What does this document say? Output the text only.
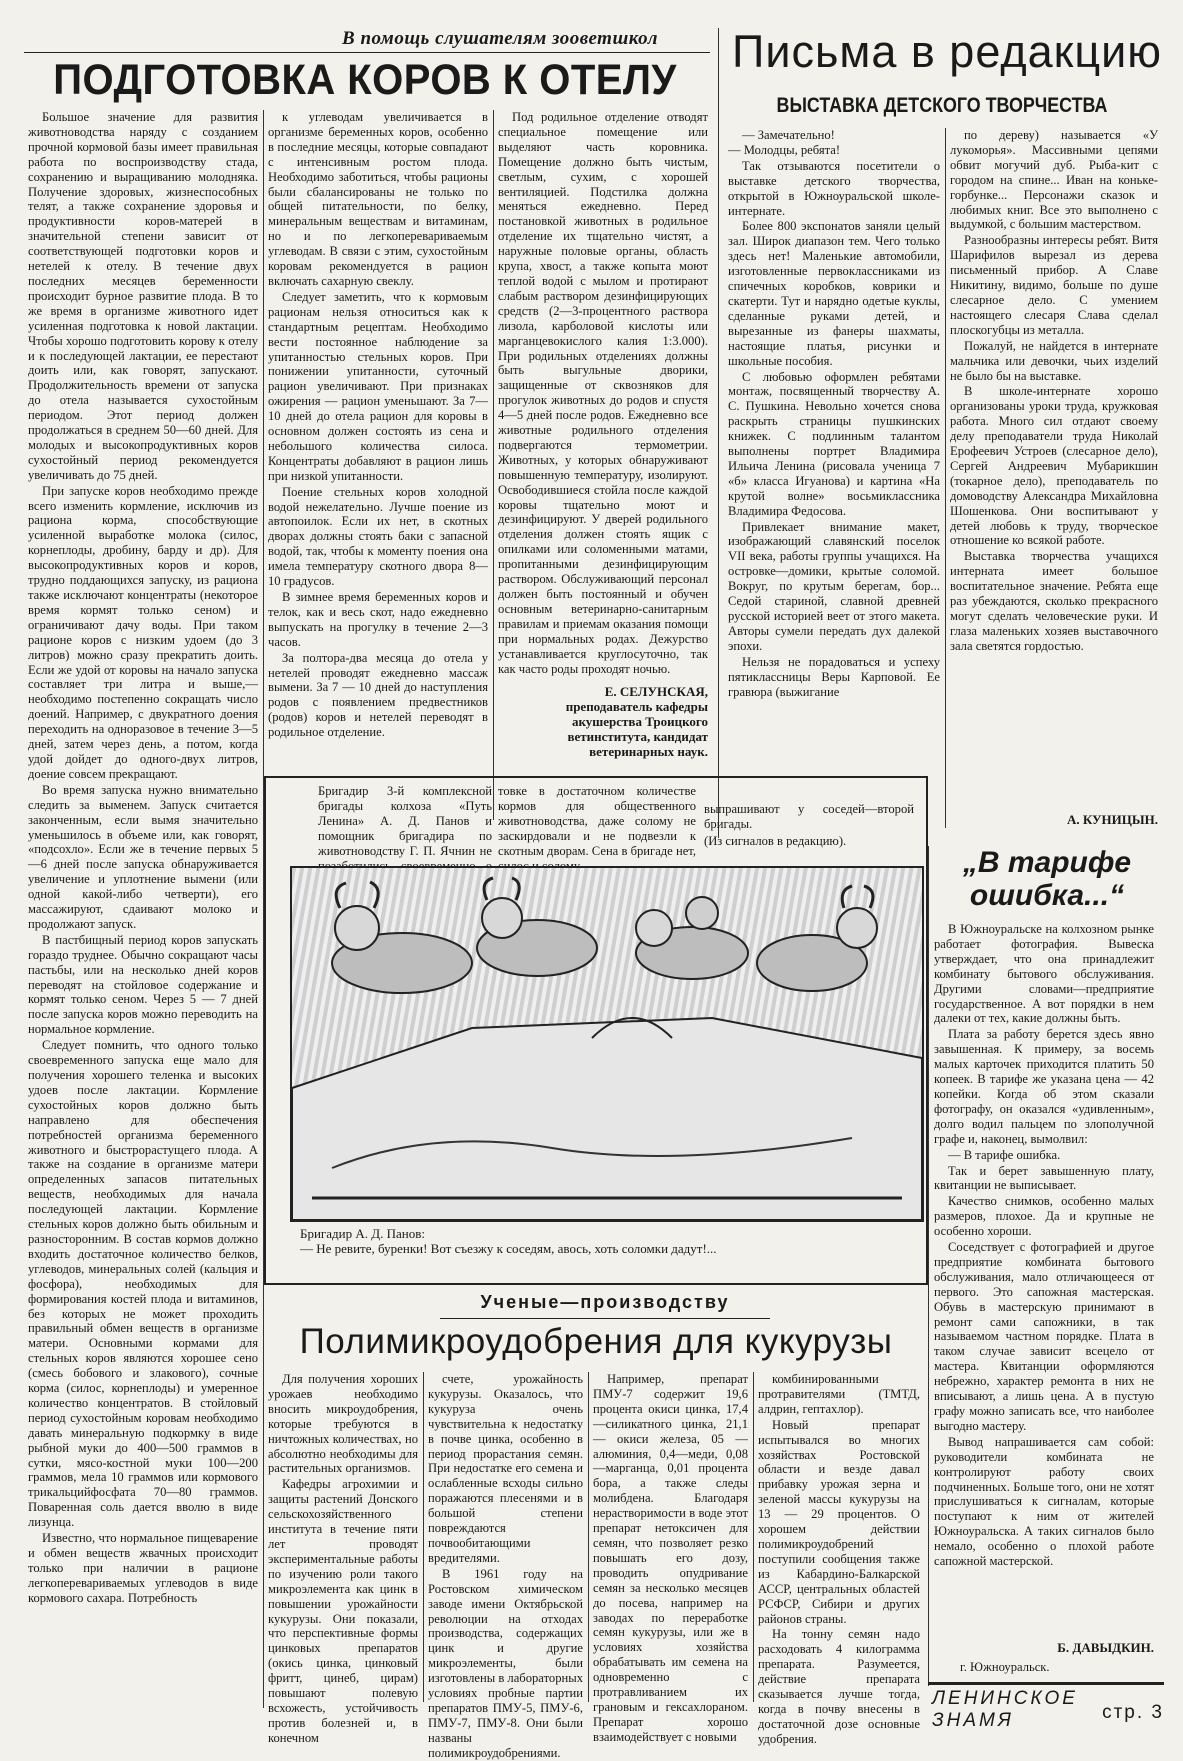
В помощь слушателям зооветшкол
ПОДГОТОВКА КОРОВ К ОТЕЛУ

Большое значение для развития животноводства наряду с созданием прочной кормовой базы имеет правильная работа по воспроизводству стада, сохранению и выращиванию молодняка. Получение здоровых, жизнеспособных телят, а также сохранение здоровья и продуктивности коров-матерей в значительной степени зависит от соответствующей подготовки коров и нетелей к отелу. В течение двух последних месяцев беременности происходит бурное развитие плода. В то же время в организме животного идет усиленная подготовка к новой лактации. Чтобы хорошо подготовить корову к отелу и к последующей лактации, ее перестают доить или, как говорят, запускают. Продолжительность времени от запуска до отела называется сухостойным периодом. Этот период должен продолжаться в среднем 50—60 дней. Для молодых и высокопродуктивных коров сухостойный период рекомендуется увеличивать до 75 дней.

При запуске коров необходимо прежде всего изменить кормление, исключив из рациона корма, способствующие усиленной выработке молока (силос, корнеплоды, дробину, барду и др). Для высокопродуктивных коров и коров, трудно поддающихся запуску, из рациона также исключают концентраты (некоторое время кормят только сеном) и ограничивают дачу воды. При таком рационе коров с низким удоем (до 3 литров) можно сразу прекратить доить. Если же удой от коровы на начало запуска составляет три литра и выше,—необходимо постепенно сокращать число доений. Например, с двукратного доения переходить на одноразовое в течение 3—5 дней, затем через день, а потом, когда удой дойдет до одного-двух литров, доение совсем прекращают.

Во время запуска нужно внимательно следить за выменем. Запуск считается законченным, если вымя значительно уменьшилось в объеме или, как говорят, «подсохло». Если же в течение первых 5—6 дней после запуска обнаруживается увеличение и уплотнение вымени (или одной какой-либо четверти), его массажируют, сдаивают молоко и продолжают запуск.

В пастбищный период коров запускать гораздо труднее. Обычно сокращают часы пастьбы, или на несколько дней коров переводят на стойловое содержание и кормят только сеном. Через 5 — 7 дней после запуска коров можно переводить на нормальное кормление.

Следует помнить, что одного только своевременного запуска еще мало для получения хорошего теленка и высоких удоев после лактации. Кормление сухостойных коров должно быть направлено для обеспечения потребностей организма беременного животного и быстрорастущего плода. А также на создание в организме матери определенных запасов питательных веществ, необходимых для начала последующей лактации. Кормление стельных коров должно быть обильным и разносторонним. В состав кормов должно входить достаточное количество белков, углеводов, минеральных солей (кальция и фосфора), необходимых для формирования костей плода и витаминов, без которых не может проходить правильный обмен веществ в организме матери. Основными кормами для стельных коров являются хорошее сено (смесь бобового и злакового), сочные корма (силос, корнеплоды) и умеренное количество концентратов. В стойловый период сухостойным коровам необходимо давать минеральную подкормку в виде рыбной муки до 400—500 граммов в сутки, мясо-костной муки 100—200 граммов, мела 10 граммов или кормового трикальцийфосфата 70—80 граммов. Поваренная соль дается вволю в виде лизунца.

Известно, что нормальное пищеварение и обмен веществ жвачных происходит только при наличии в рационе легкоперевариваемых углеводов в виде кормового сахара. Потребность

к углеводам увеличивается в организме беременных коров, особенно в последние месяцы, которые совпадают с интенсивным ростом плода. Необходимо заботиться, чтобы рационы были сбалансированы не только по общей питательности, по белку, минеральным веществам и витаминам, но и по легкоперевариваемым углеводам. В связи с этим, сухостойным коровам рекомендуется в рацион включать сахарную свеклу.

Следует заметить, что к кормовым рационам нельзя относиться как к стандартным рецептам. Необходимо вести постоянное наблюдение за упитанностью стельных коров. При понижении упитанности, суточный рацион увеличивают. При признаках ожирения — рацион уменьшают. За 7—10 дней до отела рацион для коровы в основном должен состоять из сена и небольшого количества силоса. Концентраты добавляют в рацион лишь при низкой упитанности.

Поение стельных коров холодной водой нежелательно. Лучше поение из автопоилок. Если их нет, в скотных дворах должны стоять баки с запасной водой, так, чтобы к моменту поения она имела температуру скотного двора 8—10 градусов.

В зимнее время беременных коров и телок, как и весь скот, надо ежедневно выпускать на прогулку в течение 2—3 часов.

За полтора-два месяца до отела у нетелей проводят ежедневно массаж вымени. За 7 — 10 дней до наступления родов с появлением предвестников (родов) коров и нетелей переводят в родильное отделение.

Под родильное отделение отводят специальное помещение или выделяют часть коровника. Помещение должно быть чистым, светлым, сухим, с хорошей вентиляцией. Подстилка должна меняться ежедневно. Перед постановкой животных в родильное отделение их тщательно чистят, а наружные половые органы, область крупа, хвост, а также копыта моют теплой водой с мылом и протирают слабым раствором дезинфицирующих средств (2—3-процентного раствора лизола, карболовой кислоты или марганцевокислого калия 1:3.000). При родильных отделениях должны быть выгульные дворики, защищенные от сквозняков для прогулок животных до родов и спустя 4—5 дней после родов. Ежедневно все животные родильного отделения подвергаются термометрии. Животных, у которых обнаруживают повышенную температуру, изолируют. Освободившиеся стойла после каждой коровы тщательно моют и дезинфицируют. У дверей родильного отделения должен стоять ящик с опилками или соломенными матами, пропитанными дезинфицирующим раствором. Обслуживающий персонал должен быть постоянный и обучен основным ветеринарно-санитарным правилам и приемам оказания помощи при нормальных родах. Дежурство устанавливается круглосуточно, так как часто роды проходят ночью.

Е. СЕЛУНСКАЯ,
преподаватель кафедры акушерства Троицкого ветинститута, кандидат ветеринарных наук.
Письма в редакцию
ВЫСТАВКА ДЕТСКОГО ТВОРЧЕСТВА

— Замечательно!
— Молодцы, ребята!

Так отзываются посетители о выставке детского творчества, открытой в Южноуральской школе-интернате.

Более 800 экспонатов заняли целый зал. Широк диапазон тем. Чего только здесь нет! Маленькие автомобили, изготовленные первоклассниками из спичечных коробков, коврики и скатерти. Тут и нарядно одетые куклы, сделанные руками детей, и вырезанные из фанеры шахматы, настоящие платья, рисунки и школьные пособия.

С любовью оформлен ребятами монтаж, посвященный творчеству А. С. Пушкина. Невольно хочется снова раскрыть страницы пушкинских книжек. С подлинным талантом выполнены портрет Владимира Ильича Ленина (рисовала ученица 7 «б» класса Игуанова) и картина «На крутой волне» восьмиклассника Владимира Федосова.

Привлекает внимание макет, изображающий славянский поселок VII века, работы группы учащихся. На островке—домики, крытые соломой. Вокруг, по крутым берегам, бор... Седой стариной, славной древней русской историей веет от этого макета. Авторы сумели передать дух далекой эпохи.

Нельзя не порадоваться и успеху пятиклассницы Веры Карповой. Ее гравюра (выжигание

по дереву) называется «У лукоморья». Массивными цепями обвит могучий дуб. Рыба-кит с городом на спине... Иван на коньке-горбунке... Персонажи сказок и любимых книг. Все это выполнено с выдумкой, с большим мастерством.

Разнообразны интересы ребят. Витя Шарифилов вырезал из дерева письменный прибор. А Славе Никитину, видимо, больше по душе слесарное дело. С умением настоящего слесаря Слава сделал плоскогубцы из металла.

Пожалуй, не найдется в интернате мальчика или девочки, чьих изделий не было бы на выставке.

В школе-интернате хорошо организованы уроки труда, кружковая работа. Много сил отдают своему делу преподаватели труда Николай Ерофеевич Устроев (слесарное дело), Сергей Андреевич Мубарикшин (токарное дело), преподаватель по домоводству Александра Михайловна Шошенкова. Они воспитывают у детей любовь к труду, творческое отношение ко всякой работе.

Выставка творчества учащихся интерната имеет большое воспитательное значение. Ребята еще раз убеждаются, сколько прекрасного могут сделать человеческие руки. И глаза маленьких хозяев выставочного зала светятся гордостью.

А. КУНИЦЫН.
Бригадир 3-й комплексной бригады колхоза «Путь Ленина» А. Д. Панов и помощник бригадира по животноводству Г. П. Ячнин не
товке в достаточном количестве кормов для общественного животноводства, даже солому не заскирдовали и не подвезли к скотным дворам. Сена в бригаде нет,
выпрашивают у соседей—второй бригады.
(Из сигналов в редакцию).
Бригадир А. Д. Панов:
— Не ревите, буренки! Вот съезжу к соседям, авось, хоть соломки дадут!...
„В тарифе
ошибка...“

В Южноуральске на колхозном рынке работает фотография. Вывеска утверждает, что она принадлежит комбинату бытового обслуживания. Другими словами—предприятие государственное. А вот порядки в нем далеки от тех, какие должны быть.

Плата за работу берется здесь явно завышенная. К примеру, за восемь малых карточек приходится платить 50 копеек. В тарифе же указана цена — 42 копейки. Когда об этом сказали фотографу, он оказался «удивленным», долго водил пальцем по злополучной графе и, наконец, вымолвил:

— В тарифе ошибка.

Так и берет завышенную плату, квитанции не выписывает.

Качество снимков, особенно малых размеров, плохое. Да и крупные не особенно хороши.

Соседствует с фотографией и другое предприятие комбината бытового обслуживания, мало отличающееся от первого. Это сапожная мастерская. Обувь в мастерскую принимают в ремонт сами сапожники, в так называемом частном порядке. Плата в таком случае зависит всецело от мастера. Квитанции оформляются небрежно, характер ремонта в них не вписывают, а лишь цена. А в пустую графу можно записать все, что наиболее выгодно мастеру.

Вывод напрашивается сам собой: руководители комбината не контролируют работу своих подчиненных. Больше того, они не хотят прислушиваться к сигналам, которые поступают к ним от жителей Южноуральска. А таких сигналов было немало, особенно о плохой работе сапожной мастерской.

Б. ДАВЫДКИН.
г. Южноуральск.
Ученые—производству
Полимикроудобрения для кукурузы

Для получения хороших урожаев необходимо вносить микроудобрения, которые требуются в ничтожных количествах, но абсолютно необходимы для растительных организмов.

Кафедры агрохимии и защиты растений Донского сельскохозяйственного института в течение пяти лет проводят экспериментальные работы по изучению роли такого микроэлемента как цинк в повышении урожайности кукурузы. Они показали, что перспективные формы цинковых препаратов (окись цинка, цинковый фритт, цинеб, цирам) повышают полевую всхожесть, устойчивость против болезней и, в конечном

счете, урожайность кукурузы. Оказалось, что кукуруза очень чувствительна к недостатку в почве цинка, особенно в период прорастания семян. При недостатке его семена и ослабленные всходы сильно поражаются плесенями и в большой степени повреждаются почвообитающими вредителями.

В 1961 году на Ростовском химическом заводе имени Октябрьской революции на отходах производства, содержащих цинк и другие микроэлементы, были изготовлены в лабораторных условиях пробные партии препаратов ПМУ-5, ПМУ-6, ПМУ-7, ПМУ-8. Они были названы полимикроудобрениями.

Например, препарат ПМУ-7 содержит 19,6 процента окиси цинка, 17,4—силикатного цинка, 21,1 — окиси железа, 05 — алюминия, 0,4—меди, 0,08—марганца, 0,01 процента бора, а также следы молибдена. Благодаря нерастворимости в воде этот препарат нетоксичен для семян, что позволяет резко повышать его дозу, проводить опудривание семян за несколько месяцев до посева, например на заводах по переработке семян кукурузы, или же в условиях хозяйства обрабатывать им семена на одновременно с протравливанием их грановым и гексахлораном. Препарат хорошо взаимодействует с новыми

комбинированными протравителями (ТМТД, алдрин, гептахлор).

Новый препарат испытывался во многих хозяйствах Ростовской области и везде давал прибавку урожая зерна и зеленой массы кукурузы на 13 — 29 процентов. О хорошем действии полимикроудобрений поступили сообщения также из Кабардино-Балкарской АССР, центральных областей РСФСР, Сибири и других районов страны.

На тонну семян надо расходовать 4 килограмма препарата. Разумеется, действие препарата сказывается лучше тогда, когда в почву внесены в достаточной дозе основные удобрения.

ЛЕНИНСКОЕ ЗНАМЯ	стр. 3
